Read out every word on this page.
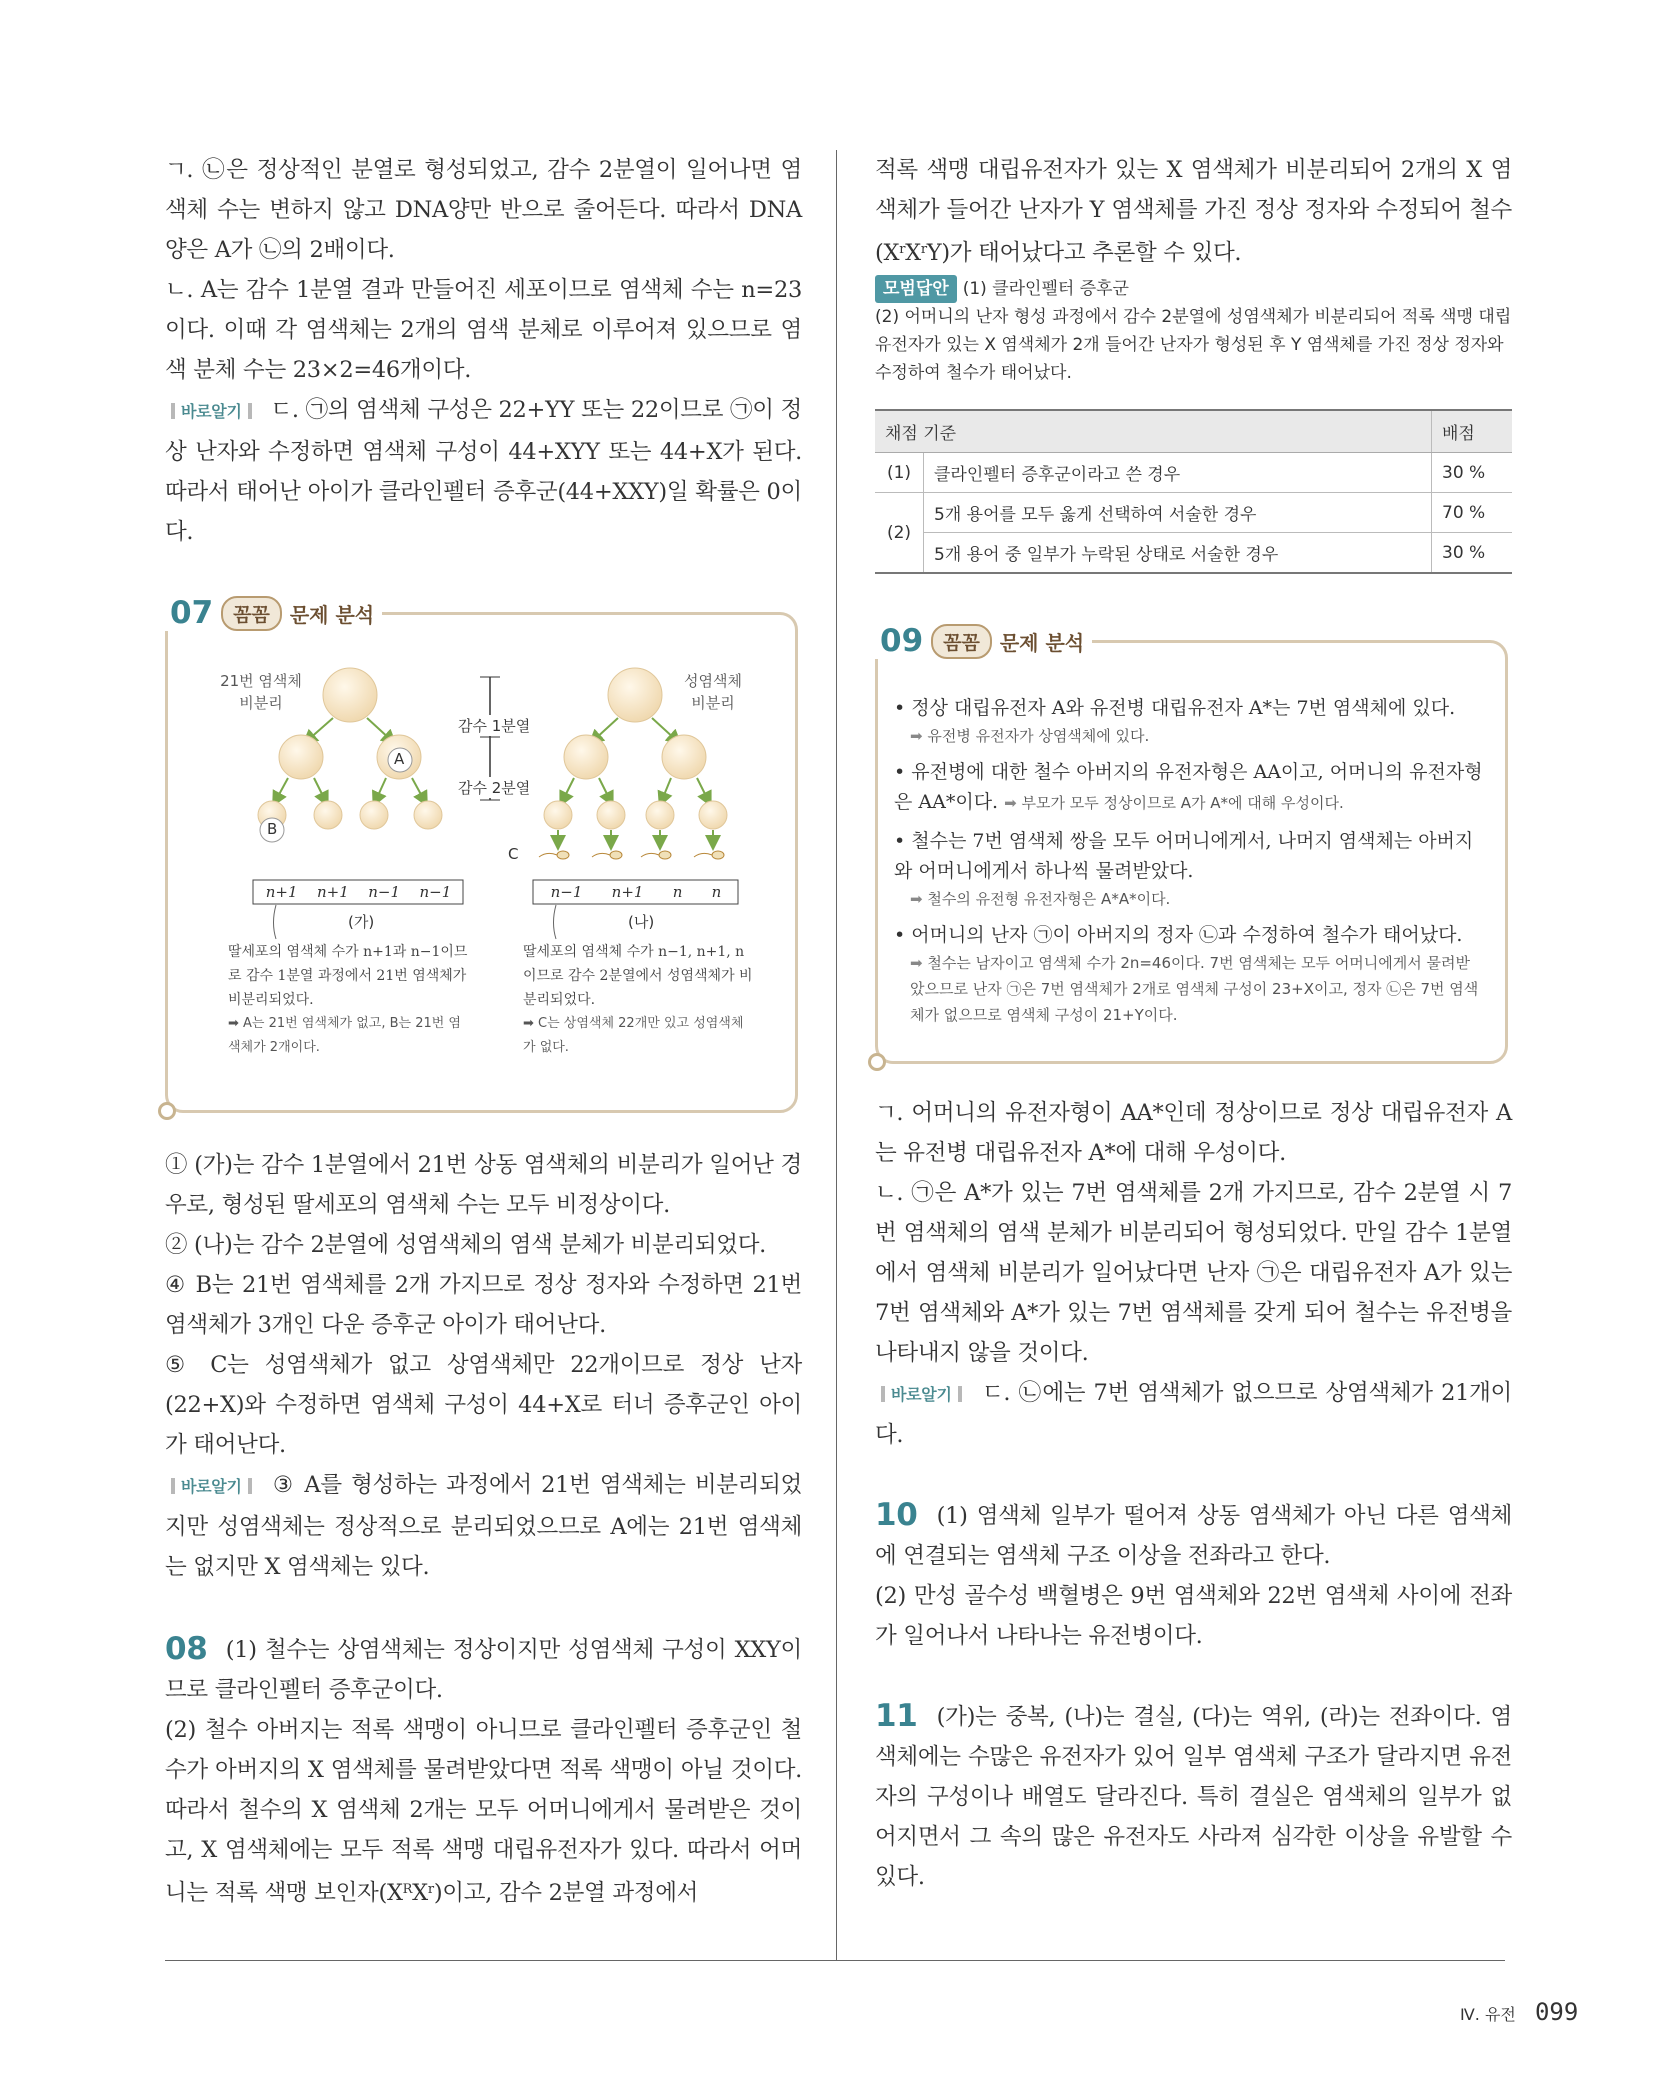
ㄱ. ㉡은 정상적인 분열로 형성되었고, 감수 2분열이 일어나면 염색체 수는 변하지 않고 DNA양만 반으로 줄어든다. 따라서 DNA양은 A가 ㉡의 2배이다.

ㄴ. A는 감수 1분열 결과 만들어진 세포이므로 염색체 수는 n=23이다. 이때 각 염색체는 2개의 염색 분체로 이루어져 있으므로 염색 분체 수는 23×2=46개이다.

바로알기 ㄷ. ㉠의 염색체 구성은 22+YY 또는 22이므로 ㉠이 정상 난자와 수정하면 염색체 구성이 44+XYY 또는 44+X가 된다. 따라서 태어난 아이가 클라인펠터 증후군(44+XXY)일 확률은 0이다.

07	꼼꼼	문제 분석
21번 염색체
비분리
성염색체
비분리
감수 1분열
감수 2분열
A
B
C
n+1 n+1 n−1 n−1	n−1 n+1 n n
(가)	(나)
딸세포의 염색체 수가 n+1과 n−1이므로 감수 1분열 과정에서 21번 염색체가 비분리되었다.
➡ A는 21번 염색체가 없고, B는 21번 염색체가 2개이다.
딸세포의 염색체 수가 n−1, n+1, n이므로 감수 2분열에서 성염색체가 비분리되었다.
➡ C는 상염색체 22개만 있고 성염색체가 없다.

① (가)는 감수 1분열에서 21번 상동 염색체의 비분리가 일어난 경우로, 형성된 딸세포의 염색체 수는 모두 비정상이다.

② (나)는 감수 2분열에 성염색체의 염색 분체가 비분리되었다.

④ B는 21번 염색체를 2개 가지므로 정상 정자와 수정하면 21번 염색체가 3개인 다운 증후군 아이가 태어난다.

⑤ C는 성염색체가 없고 상염색체만 22개이므로 정상 난자(22+X)와 수정하면 염색체 구성이 44+X로 터너 증후군인 아이가 태어난다.

바로알기 ③ A를 형성하는 과정에서 21번 염색체는 비분리되었지만 성염색체는 정상적으로 분리되었으므로 A에는 21번 염색체는 없지만 X 염색체는 있다.

08 (1) 철수는 상염색체는 정상이지만 성염색체 구성이 XXY이므로 클라인펠터 증후군이다.

(2) 철수 아버지는 적록 색맹이 아니므로 클라인펠터 증후군인 철수가 아버지의 X 염색체를 물려받았다면 적록 색맹이 아닐 것이다. 따라서 철수의 X 염색체 2개는 모두 어머니에게서 물려받은 것이고, X 염색체에는 모두 적록 색맹 대립유전자가 있다. 따라서 어머니는 적록 색맹 보인자$(X^RX^r)$이고, 감수 2분열 과정에서

적록 색맹 대립유전자가 있는 X 염색체가 비분리되어 2개의 X 염색체가 들어간 난자가 Y 염색체를 가진 정상 정자와 수정되어 철수$(X^rX^rY)$가 태어났다고 추론할 수 있다.

모범답안 (1) 클라인펠터 증후군
(2) 어머니의 난자 형성 과정에서 감수 2분열에 성염색체가 비분리되어 적록 색맹 대립유전자가 있는 X 염색체가 2개 들어간 난자가 형성된 후 Y 염색체를 가진 정상 정자와 수정하여 철수가 태어났다.
채점 기준		배점
(1)	클라인펠터 증후군이라고 쓴 경우	30 %
(2)	5개 용어를 모두 옳게 선택하여 서술한 경우	70 %
	5개 용어 중 일부가 누락된 상태로 서술한 경우	30 %
09	꼼꼼	문제 분석

• 정상 대립유전자 A와 유전병 대립유전자 A*는 7번 염색체에 있다.

➡ 유전병 유전자가 상염색체에 있다.

• 유전병에 대한 철수 아버지의 유전자형은 AA이고, 어머니의 유전자형은 AA*이다. ➡ 부모가 모두 정상이므로 A가 A*에 대해 우성이다.

• 철수는 7번 염색체 쌍을 모두 어머니에게서, 나머지 염색체는 아버지와 어머니에게서 하나씩 물려받았다.

➡ 철수의 유전형 유전자형은 A*A*이다.

• 어머니의 난자 ㉠이 아버지의 정자 ㉡과 수정하여 철수가 태어났다.

➡ 철수는 남자이고 염색체 수가 2n=46이다. 7번 염색체는 모두 어머니에게서 물려받았으므로 난자 ㉠은 7번 염색체가 2개로 염색체 구성이 23+X이고, 정자 ㉡은 7번 염색체가 없으므로 염색체 구성이 21+Y이다.

ㄱ. 어머니의 유전자형이 AA*인데 정상이므로 정상 대립유전자 A는 유전병 대립유전자 A*에 대해 우성이다.

ㄴ. ㉠은 A*가 있는 7번 염색체를 2개 가지므로, 감수 2분열 시 7번 염색체의 염색 분체가 비분리되어 형성되었다. 만일 감수 1분열에서 염색체 비분리가 일어났다면 난자 ㉠은 대립유전자 A가 있는 7번 염색체와 A*가 있는 7번 염색체를 갖게 되어 철수는 유전병을 나타내지 않을 것이다.

바로알기 ㄷ. ㉡에는 7번 염색체가 없으므로 상염색체가 21개이다.

10 (1) 염색체 일부가 떨어져 상동 염색체가 아닌 다른 염색체에 연결되는 염색체 구조 이상을 전좌라고 한다.

(2) 만성 골수성 백혈병은 9번 염색체와 22번 염색체 사이에 전좌가 일어나서 나타나는 유전병이다.

11 (가)는 중복, (나)는 결실, (다)는 역위, (라)는 전좌이다. 염색체에는 수많은 유전자가 있어 일부 염색체 구조가 달라지면 유전자의 구성이나 배열도 달라진다. 특히 결실은 염색체의 일부가 없어지면서 그 속의 많은 유전자도 사라져 심각한 이상을 유발할 수 있다.

Ⅳ. 유전 099
